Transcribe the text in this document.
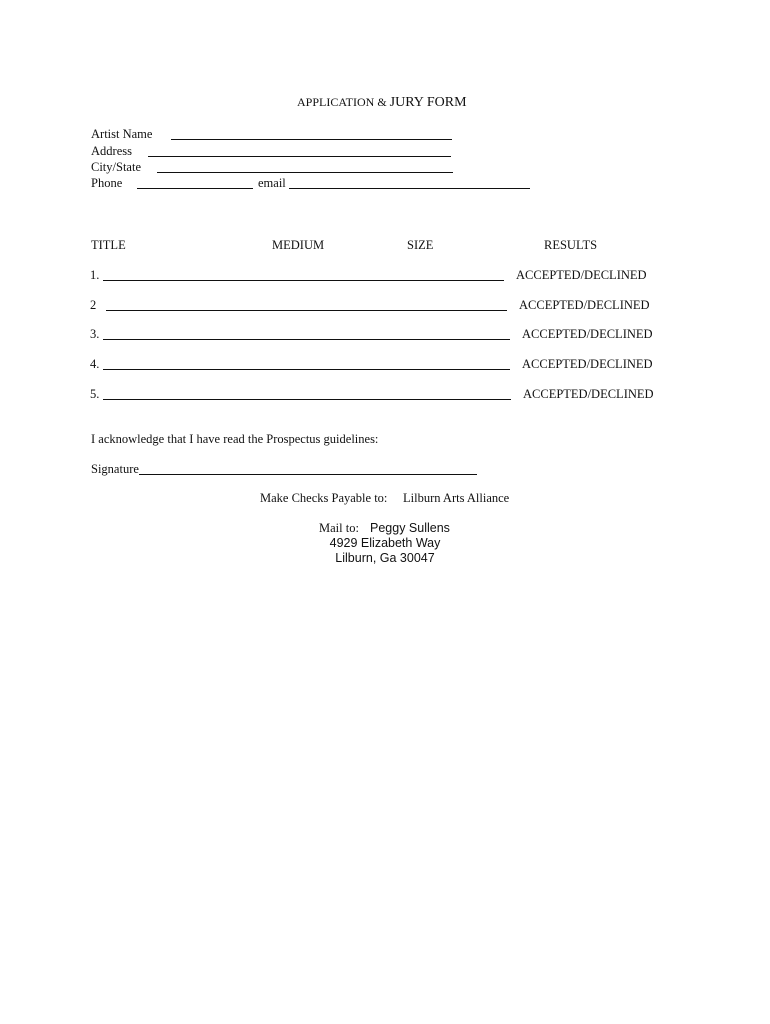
APPLICATION & JURY FORM
Artist Name
Address
City/State
Phone	email
TITLE	MEDIUM	SIZE	RESULTS
1.	ACCEPTED/DECLINED
2	ACCEPTED/DECLINED
3.	ACCEPTED/DECLINED
4.	ACCEPTED/DECLINED
5.	ACCEPTED/DECLINED
I acknowledge that I have read the Prospectus guidelines:
Signature
Make Checks Payable to: Lilburn Arts Alliance
Mail to: Peggy Sullens
4929 Elizabeth Way
Lilburn, Ga 30047
